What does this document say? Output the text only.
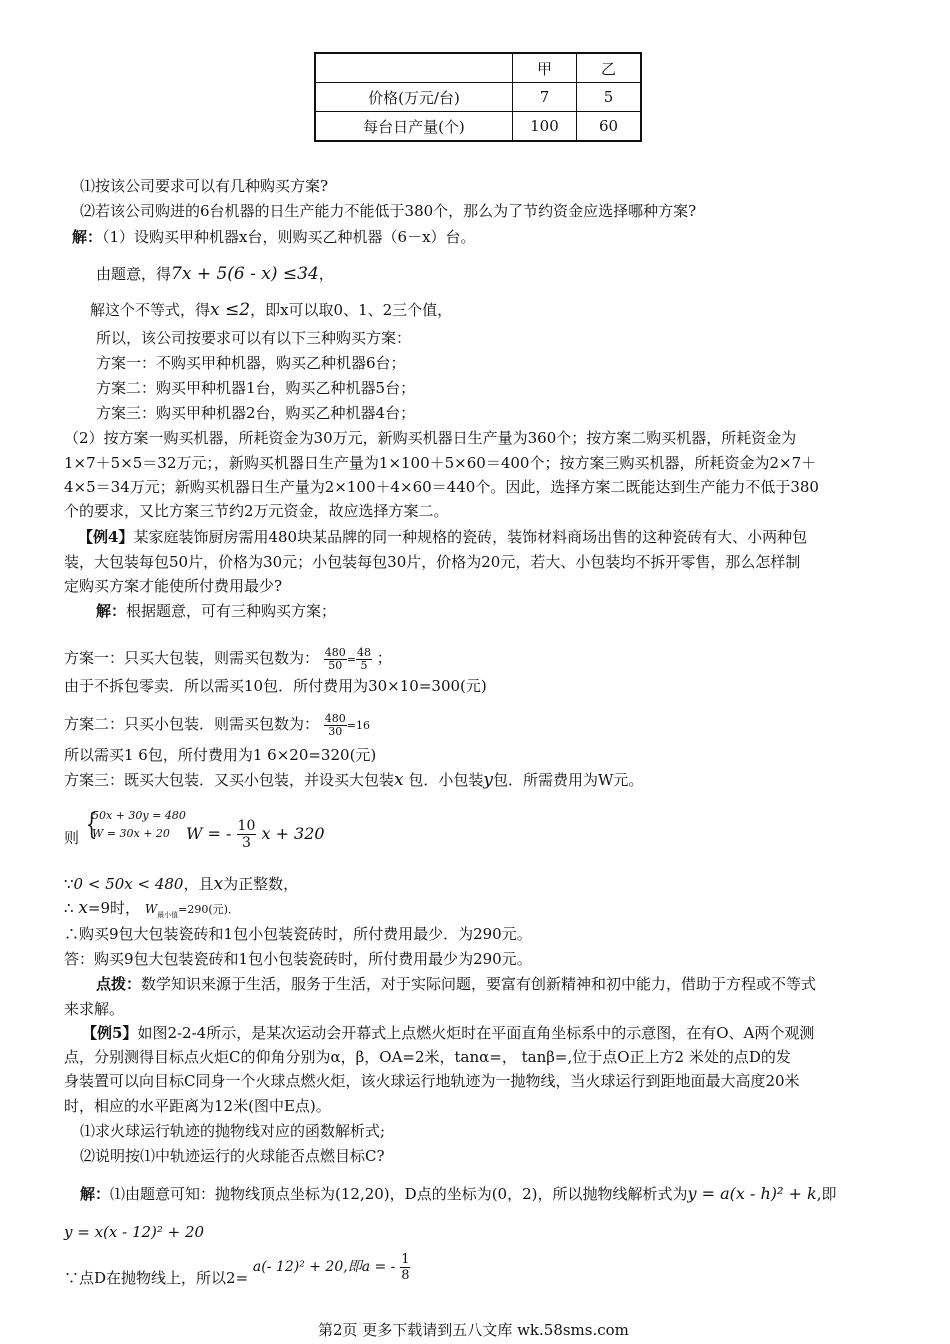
	甲	乙
价格(万元/台)	7	5
每台日产量(个)	100	60
⑴按该公司要求可以有几种购买方案?
⑵若该公司购进的6台机器的日生产能力不能低于380个，那么为了节约资金应选择哪种方案?
解：（1）设购买甲种机器x台，则购买乙种机器（6－x）台。
由题意，得7x + 5(6 - x) ≤34，
解这个不等式，得x ≤2，即x可以取0、1、2三个值，
所以，该公司按要求可以有以下三种购买方案：
方案一：不购买甲种机器，购买乙种机器6台；
方案二：购买甲种机器1台，购买乙种机器5台；
方案三：购买甲种机器2台，购买乙种机器4台；
（2）按方案一购买机器，所耗资金为30万元，新购买机器日生产量为360个；按方案二购买机器，所耗资金为
1×7＋5×5＝32万元；，新购买机器日生产量为1×100＋5×60＝400个；按方案三购买机器，所耗资金为2×7＋
4×5＝34万元；新购买机器日生产量为2×100＋4×60＝440个。因此，选择方案二既能达到生产能力不低于380
个的要求，又比方案三节约2万元资金，故应选择方案二。
【例4】某家庭装饰厨房需用480块某品牌的同一种规格的瓷砖，装饰材料商场出售的这种瓷砖有大、小两种包
装，大包装每包50片，价格为30元；小包装每包30片，价格为20元，若大、小包装均不拆开零售，那么怎样制
定购买方案才能使所付费用最少?
解：根据题意，可有三种购买方案；
方案一：只买大包装，则需买包数为： $\frac{480}{50} = \frac{48}{5}$ ；
由于不拆包零卖．所以需买10包．所付费用为30×10=300(元)
方案二：只买小包装．则需买包数为： $\frac{480}{30} =16$
所以需买1 6包，所付费用为1 6×20=320(元)
方案三：既买大包装．又买小包装，并设买大包装x 包．小包装y包．所需费用为W元。
则 {
50x + 30y = 480
W = 30x + 20 W = - $\frac{10}{3}$ x + 320
∵0 < 50x < 480，且x为正整数，
∴ x=9时， $W_{最小值}=290$(元)．
∴购买9包大包装瓷砖和1包小包装瓷砖时，所付费用最少．为290元。
答：购买9包大包装瓷砖和1包小包装瓷砖时，所付费用最少为290元。
点拨：数学知识来源于生活，服务于生活，对于实际问题，要富有创新精神和初中能力，借助于方程或不等式
来求解。
【例5】如图2-2-4所示，是某次运动会开幕式上点燃火炬时在平面直角坐标系中的示意图，在有O、A两个观测
点，分别测得目标点火炬C的仰角分别为α，β，OA=2米，tanα=， tanβ=,位于点O正上方2 米处的点D的发
身装置可以向目标C同身一个火球点燃火炬，该火球运行地轨迹为一抛物线，当火球运行到距地面最大高度20米
时，相应的水平距离为12米(图中E点)。
⑴求火球运行轨迹的抛物线对应的函数解析式;
⑵说明按⑴中轨迹运行的火球能否点燃目标C?
解：⑴由题意可知：抛物线顶点坐标为(12,20)，D点的坐标为(0，2)，所以抛物线解析式为y = a(x - h)² + k,即
y = x(x - 12)² + 20
∵点D在抛物线上，所以2= a(- 12)² + 20,即a = - $\frac{1}{8}$
第2页 更多下载请到五八文库 wk.58sms.com
